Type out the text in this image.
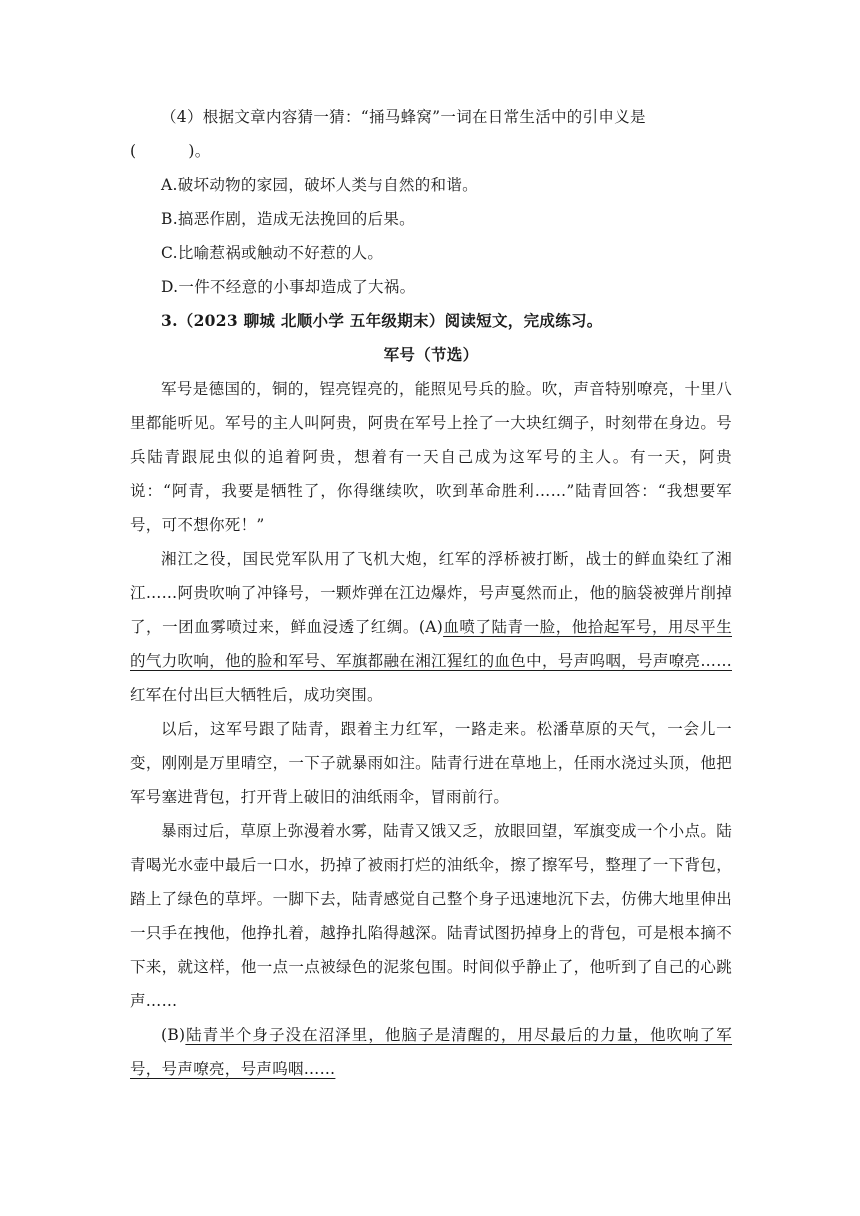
（4）根据文章内容猜一猜：“捅马蜂窝”一词在日常生活中的引申义是
(	)。
A.破坏动物的家园，破坏人类与自然的和谐。
B.搞恶作剧，造成无法挽回的后果。
C.比喻惹祸或触动不好惹的人。
D.一件不经意的小事却造成了大祸。
3.（2023 聊城 北顺小学 五年级期末）阅读短文，完成练习。
军号（节选）

军号是德国的，铜的，锃亮锃亮的，能照见号兵的脸。吹，声音特别嘹亮，十里八里都能听见。军号的主人叫阿贵，阿贵在军号上拴了一大块红绸子，时刻带在身边。号兵陆青跟屁虫似的追着阿贵，想着有一天自己成为这军号的主人。有一天，阿贵说：“阿青，我要是牺牲了，你得继续吹，吹到革命胜利……”陆青回答：“我想要军号，可不想你死！”

湘江之役，国民党军队用了飞机大炮，红军的浮桥被打断，战士的鲜血染红了湘江……阿贵吹响了冲锋号，一颗炸弹在江边爆炸，号声戛然而止，他的脑袋被弹片削掉了，一团血雾喷过来，鲜血浸透了红绸。(A)血喷了陆青一脸，他拾起军号，用尽平生的气力吹响，他的脸和军号、军旗都融在湘江猩红的血色中，号声呜咽，号声嘹亮……红军在付出巨大牺牲后，成功突围。

以后，这军号跟了陆青，跟着主力红军，一路走来。松潘草原的天气，一会儿一变，刚刚是万里晴空，一下子就暴雨如注。陆青行进在草地上，任雨水浇过头顶，他把军号塞进背包，打开背上破旧的油纸雨伞，冒雨前行。

暴雨过后，草原上弥漫着水雾，陆青又饿又乏，放眼回望，军旗变成一个小点。陆青喝光水壶中最后一口水，扔掉了被雨打烂的油纸伞，擦了擦军号，整理了一下背包，踏上了绿色的草坪。一脚下去，陆青感觉自己整个身子迅速地沉下去，仿佛大地里伸出一只手在拽他，他挣扎着，越挣扎陷得越深。陆青试图扔掉身上的背包，可是根本摘不下来，就这样，他一点一点被绿色的泥浆包围。时间似乎静止了，他听到了自己的心跳声……

(B)陆青半个身子没在沼泽里，他脑子是清醒的，用尽最后的力量，他吹响了军号，号声嘹亮，号声呜咽……
